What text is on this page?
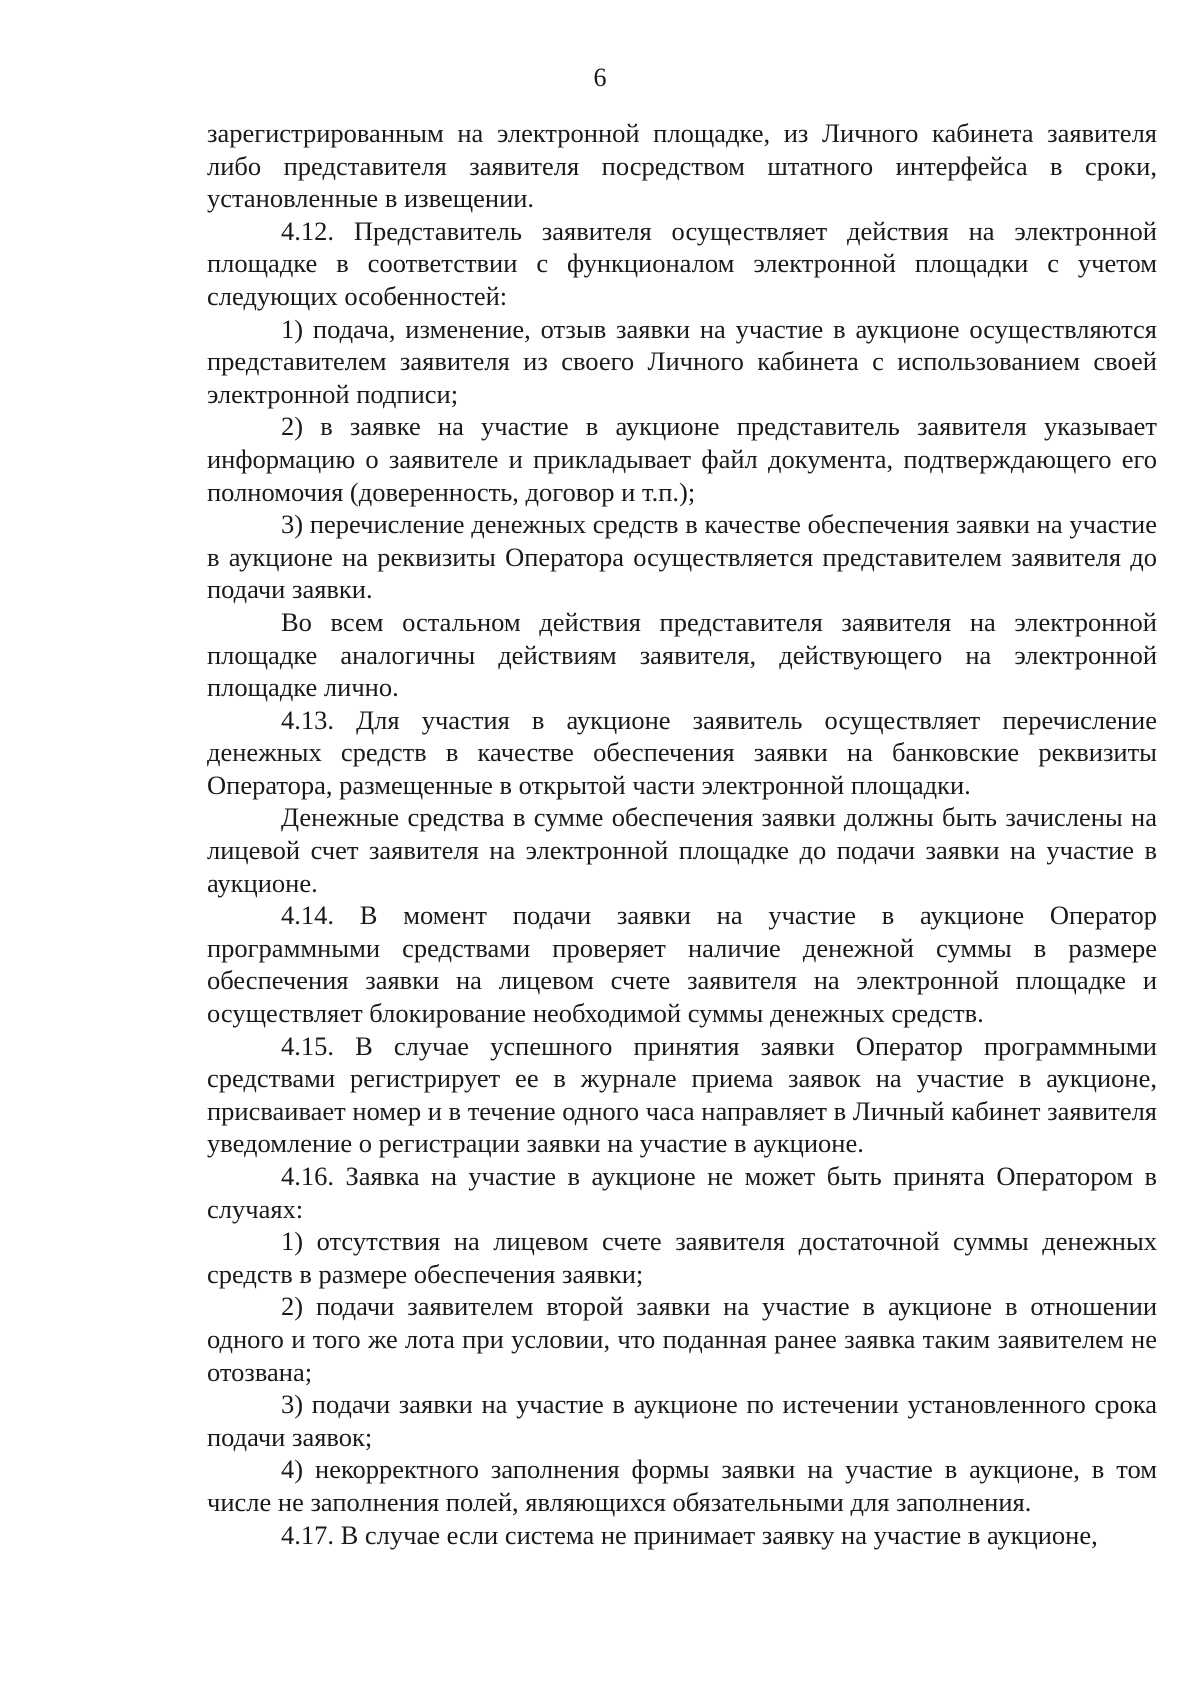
6

зарегистрированным на электронной площадке, из Личного кабинета заявителя либо представителя заявителя посредством штатного интерфейса в сроки, установленные в извещении.

4.12. Представитель заявителя осуществляет действия на электронной площадке в соответствии с функционалом электронной площадки с учетом следующих особенностей:

1) подача, изменение, отзыв заявки на участие в аукционе осуществляются представителем заявителя из своего Личного кабинета с использованием своей электронной подписи;

2) в заявке на участие в аукционе представитель заявителя указывает информацию о заявителе и прикладывает файл документа, подтверждающего его полномочия (доверенность, договор и т.п.);

3) перечисление денежных средств в качестве обеспечения заявки на участие в аукционе на реквизиты Оператора осуществляется представителем заявителя до подачи заявки.

Во всем остальном действия представителя заявителя на электронной площадке аналогичны действиям заявителя, действующего на электронной площадке лично.

4.13. Для участия в аукционе заявитель осуществляет перечисление денежных средств в качестве обеспечения заявки на банковские реквизиты Оператора, размещенные в открытой части электронной площадки.

Денежные средства в сумме обеспечения заявки должны быть зачислены на лицевой счет заявителя на электронной площадке до подачи заявки на участие в аукционе.

4.14. В момент подачи заявки на участие в аукционе Оператор программными средствами проверяет наличие денежной суммы в размере обеспечения заявки на лицевом счете заявителя на электронной площадке и осуществляет блокирование необходимой суммы денежных средств.

4.15. В случае успешного принятия заявки Оператор программными средствами регистрирует ее в журнале приема заявок на участие в аукционе, присваивает номер и в течение одного часа направляет в Личный кабинет заявителя уведомление о регистрации заявки на участие в аукционе.

4.16. Заявка на участие в аукционе не может быть принята Оператором в случаях:

1) отсутствия на лицевом счете заявителя достаточной суммы денежных средств в размере обеспечения заявки;

2) подачи заявителем второй заявки на участие в аукционе в отношении одного и того же лота при условии, что поданная ранее заявка таким заявителем не отозвана;

3) подачи заявки на участие в аукционе по истечении установленного срока подачи заявок;

4) некорректного заполнения формы заявки на участие в аукционе, в том числе не заполнения полей, являющихся обязательными для заполнения.

4.17. В случае если система не принимает заявку на участие в аукционе,
